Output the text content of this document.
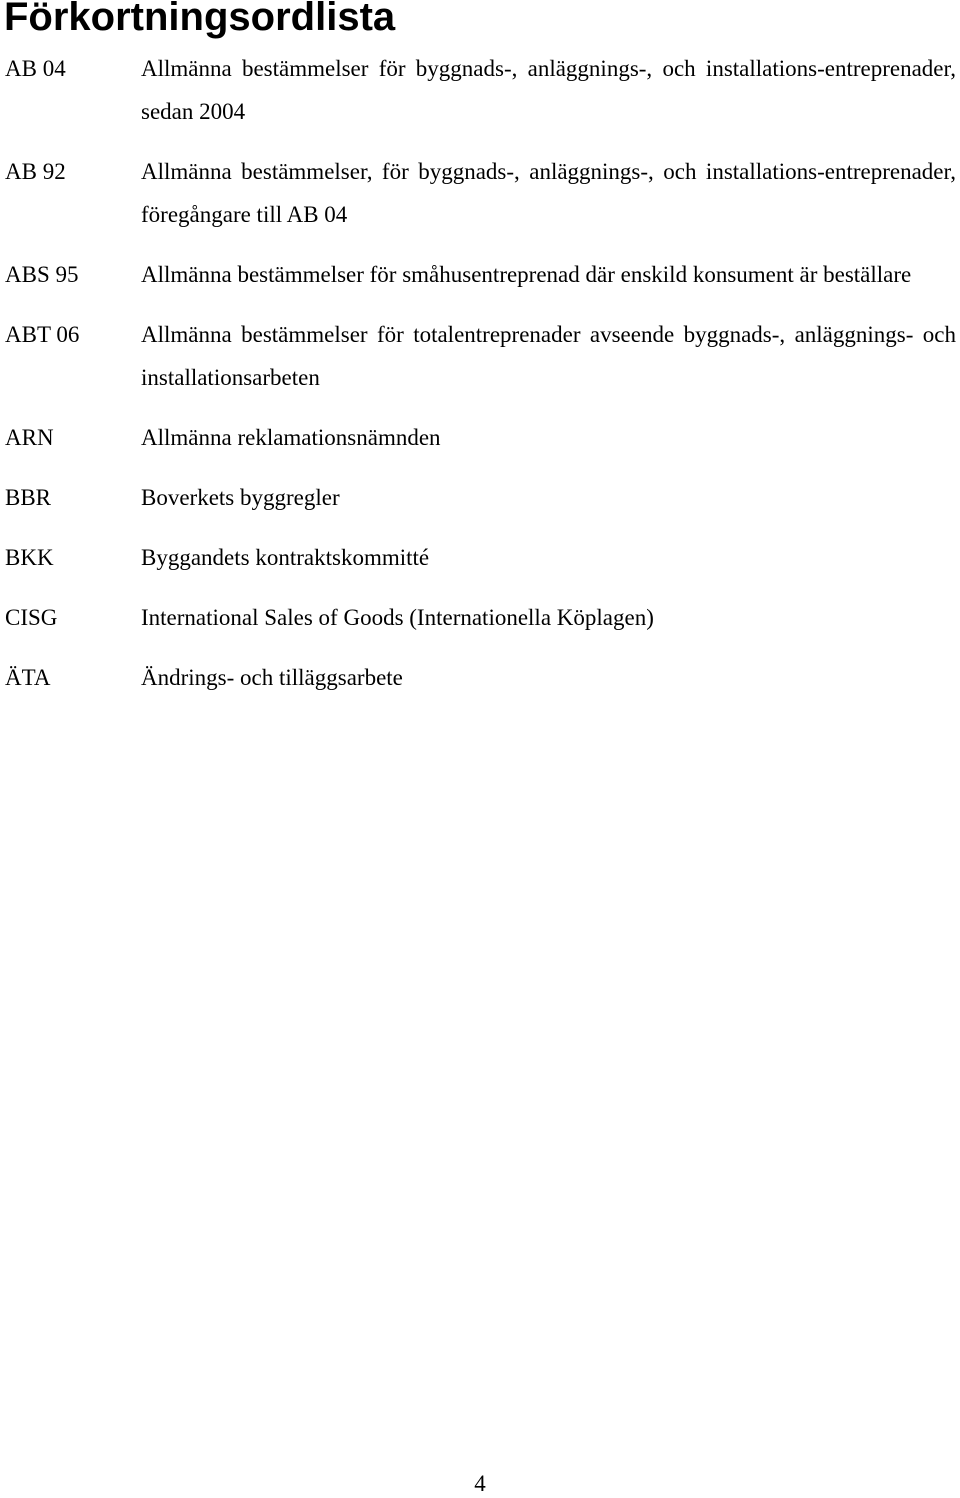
Förkortningsordlista
AB 04	Allmänna bestämmelser för byggnads-, anläggnings-, och installations-entreprenader, sedan 2004
AB 92	Allmänna bestämmelser, för byggnads-, anläggnings-, och installations-entreprenader, föregångare till AB 04
ABS 95	Allmänna bestämmelser för småhusentreprenad där enskild konsument är beställare
ABT 06	Allmänna bestämmelser för totalentreprenader avseende byggnads-, anläggnings- och installationsarbeten
ARN	Allmänna reklamationsnämnden
BBR	Boverkets byggregler
BKK	Byggandets kontraktskommitté
CISG	International Sales of Goods (Internationella Köplagen)
ÄTA	Ändrings- och tilläggsarbete
4
